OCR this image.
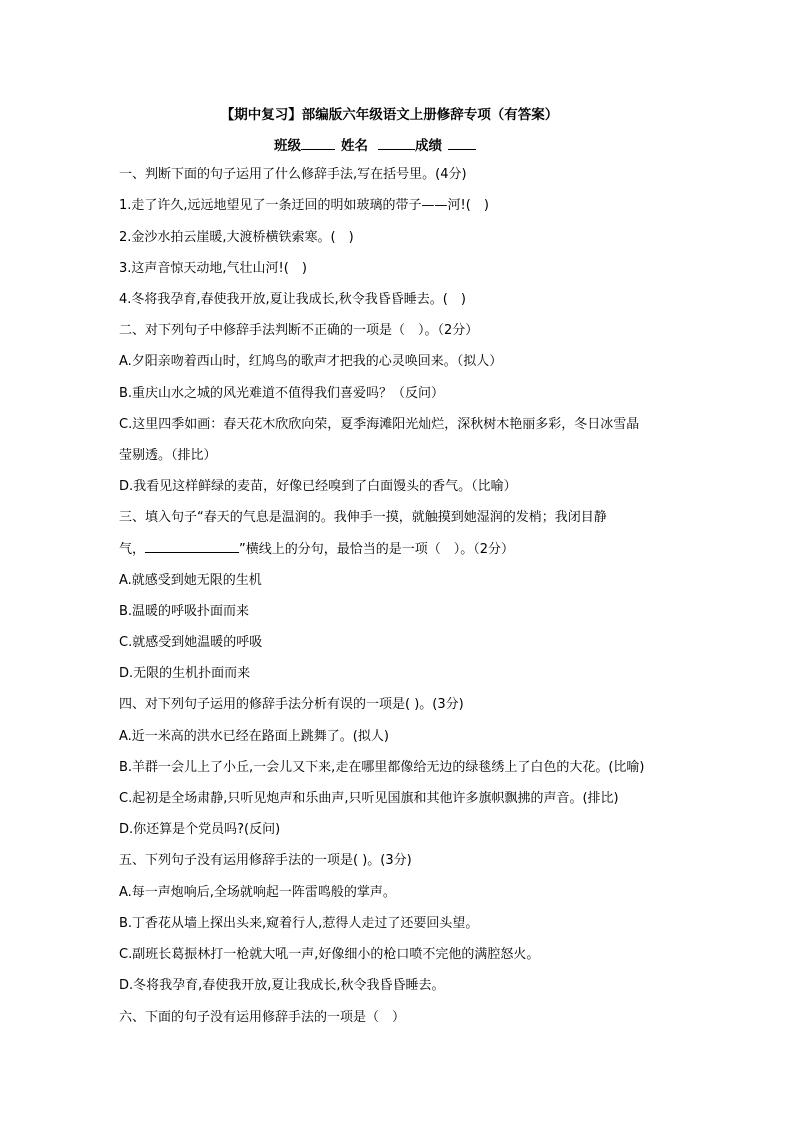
【期中复习】部编版六年级语文上册修辞专项（有答案）
班级	姓名	成绩
一、判断下面的句子运用了什么修辞手法,写在括号里。(4分)
1.走了许久,远远地望见了一条迂回的明如玻璃的带子——河!(　)
2.金沙水拍云崖暖,大渡桥横铁索寒。(　)
3.这声音惊天动地,气壮山河!(　)
4.冬将我孕育,春使我开放,夏让我成长,秋令我昏昏睡去。(　)
二、对下列句子中修辞手法判断不正确的一项是（　）。（2分）
A.夕阳亲吻着西山时，红鸠鸟的歌声才把我的心灵唤回来。（拟人）
B.重庆山水之城的风光难道不值得我们喜爱吗？（反问）
C.这里四季如画：春天花木欣欣向荣，夏季海滩阳光灿烂，深秋树木艳丽多彩，冬日冰雪晶
莹剔透。（排比）
D.我看见这样鲜绿的麦苗，好像已经嗅到了白面馒头的香气。（比喻）
三、填入句子“春天的气息是温润的。我伸手一摸，就触摸到她湿润的发梢；我闭目静
气，	”横线上的分句，最恰当的是一项（　）。（2分）
A.就感受到她无限的生机
B.温暖的呼吸扑面而来
C.就感受到她温暖的呼吸
D.无限的生机扑面而来
四、对下列句子运用的修辞手法分析有误的一项是( )。(3分)
A.近一米高的洪水已经在路面上跳舞了。(拟人)
B.羊群一会儿上了小丘,一会儿又下来,走在哪里都像给无边的绿毯绣上了白色的大花。(比喻)
C.起初是全场肃静,只听见炮声和乐曲声,只听见国旗和其他许多旗帜飘拂的声音。(排比)
D.你还算是个党员吗?(反问)
五、下列句子没有运用修辞手法的一项是( )。(3分)
A.每一声炮响后,全场就响起一阵雷鸣般的掌声。
B.丁香花从墙上探出头来,窥着行人,惹得人走过了还要回头望。
C.副班长葛振林打一枪就大吼一声,好像细小的枪口喷不完他的满腔怒火。
D.冬将我孕育,春使我开放,夏让我成长,秋令我昏昏睡去。
六、下面的句子没有运用修辞手法的一项是（　）
